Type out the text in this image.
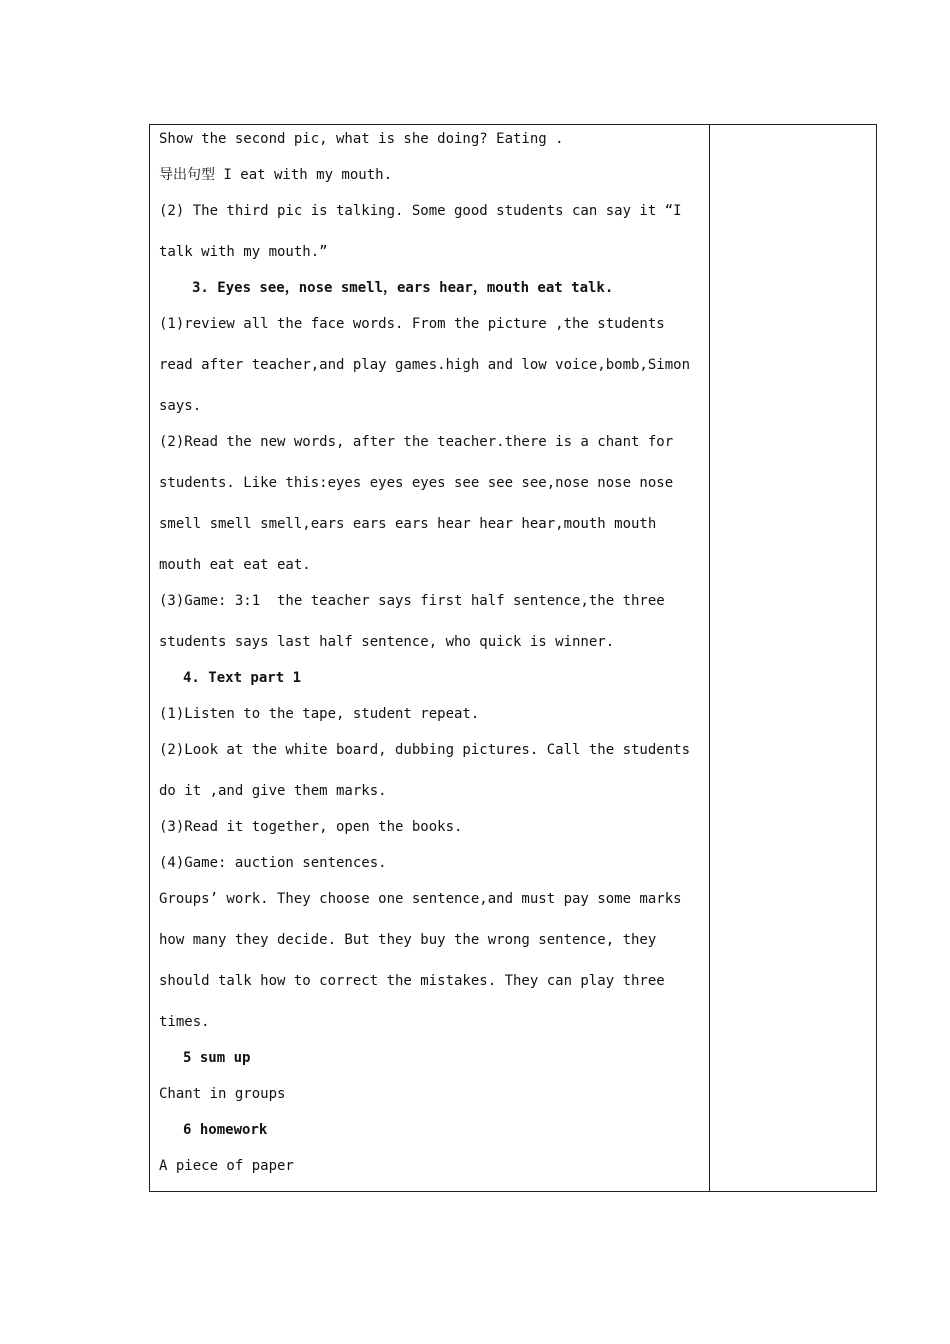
Show the second pic, what is she doing? Eating .
导出句型 I eat with my mouth.
(2) The third pic is talking. Some good students can say it “I
talk with my mouth.”
3. Eyes see，nose smell，ears hear，mouth eat talk.
(1)review all the face words. From the picture ,the students
read after teacher,and play games.high and low voice,bomb,Simon
says.
(2)Read the new words, after the teacher.there is a chant for
students. Like this:eyes eyes eyes see see see,nose nose nose
smell smell smell,ears ears ears hear hear hear,mouth mouth
mouth eat eat eat.
(3)Game: 3:1  the teacher says first half sentence,the three
students says last half sentence, who quick is winner.
4. Text part 1
(1)Listen to the tape, student repeat.
(2)Look at the white board, dubbing pictures. Call the students
do it ,and give them marks.
(3)Read it together, open the books.
(4)Game: auction sentences.
Groups’ work. They choose one sentence,and must pay some marks
how many they decide. But they buy the wrong sentence, they
should talk how to correct the mistakes. They can play three
times.
5 sum up
Chant in groups
6 homework
A piece of paper
